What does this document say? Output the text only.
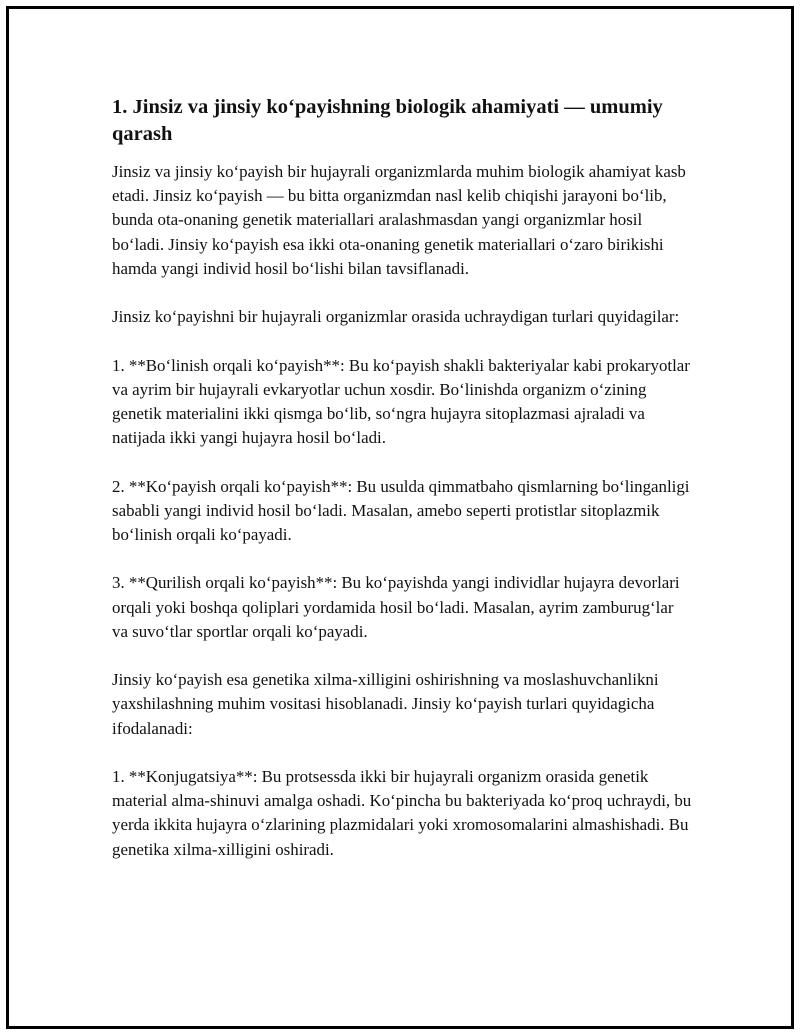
1. Jinsiz va jinsiy koʻpayishning biologik ahamiyati — umumiy qarash

Jinsiz va jinsiy koʻpayish bir hujayrali organizmlarda muhim biologik ahamiyat kasb etadi. Jinsiz koʻpayish — bu bitta organizmdan nasl kelib chiqishi jarayoni boʻlib, bunda ota-onaning genetik materiallari aralashmasdan yangi organizmlar hosil boʻladi. Jinsiy koʻpayish esa ikki ota-onaning genetik materiallari oʻzaro birikishi hamda yangi individ hosil boʻlishi bilan tavsiflanadi.

Jinsiz koʻpayishni bir hujayrali organizmlar orasida uchraydigan turlari quyidagilar:

1. **Boʻlinish orqali koʻpayish**: Bu koʻpayish shakli bakteriyalar kabi prokaryotlar va ayrim bir hujayrali evkaryotlar uchun xosdir. Boʻlinishda organizm oʻzining genetik materialini ikki qismga boʻlib, soʻngra hujayra sitoplazmasi ajraladi va natijada ikki yangi hujayra hosil boʻladi.

2. **Koʻpayish orqali koʻpayish**: Bu usulda qimmatbaho qismlarning boʻlinganligi sababli yangi individ hosil boʻladi. Masalan, amebo seperti protistlar sitoplazmik boʻlinish orqali koʻpayadi.

3. **Qurilish orqali koʻpayish**: Bu koʻpayishda yangi individlar hujayra devorlari orqali yoki boshqa qoliplari yordamida hosil boʻladi. Masalan, ayrim zamburugʻlar va suvoʻtlar sportlar orqali koʻpayadi.

Jinsiy koʻpayish esa genetika xilma-xilligini oshirishning va moslashuvchanlikni yaxshilashning muhim vositasi hisoblanadi. Jinsiy koʻpayish turlari quyidagicha ifodalanadi:

1. **Konjugatsiya**: Bu protsessda ikki bir hujayrali organizm orasida genetik material alma-shinuvi amalga oshadi. Koʻpincha bu bakteriyada koʻproq uchraydi, bu yerda ikkita hujayra oʻzlarining plazmidalari yoki xromosomalarini almashishadi. Bu genetika xilma-xilligini oshiradi.
